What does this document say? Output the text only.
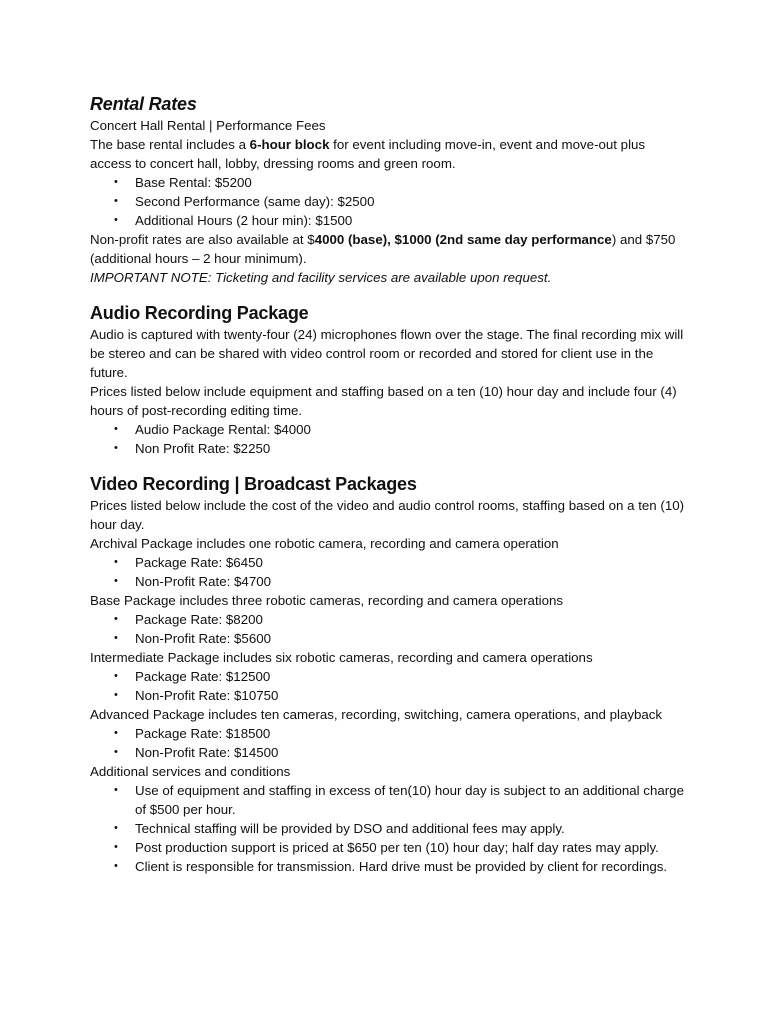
Rental Rates

Concert Hall Rental | Performance Fees

The base rental includes a 6-hour block for event including move-in, event and move-out plus access to concert hall, lobby, dressing rooms and green room.

• Base Rental: $5200
• Second Performance (same day): $2500
• Additional Hours (2 hour min): $1500

Non-profit rates are also available at $4000 (base), $1000 (2nd same day performance) and $750 (additional hours – 2 hour minimum).

IMPORTANT NOTE: Ticketing and facility services are available upon request.

Audio Recording Package

Audio is captured with twenty-four (24) microphones flown over the stage. The final recording mix will be stereo and can be shared with video control room or recorded and stored for client use in the future.

Prices listed below include equipment and staffing based on a ten (10) hour day and include four (4) hours of post-recording editing time.

• Audio Package Rental: $4000
• Non Profit Rate: $2250
Video Recording | Broadcast Packages

Prices listed below include the cost of the video and audio control rooms, staffing based on a ten (10) hour day.

Archival Package includes one robotic camera, recording and camera operation

• Package Rate: $6450
• Non-Profit Rate: $4700

Base Package includes three robotic cameras, recording and camera operations

• Package Rate: $8200
• Non-Profit Rate: $5600

Intermediate Package includes six robotic cameras, recording and camera operations

• Package Rate: $12500
• Non-Profit Rate: $10750

Advanced Package includes ten cameras, recording, switching, camera operations, and playback

• Package Rate: $18500
• Non-Profit Rate: $14500

Additional services and conditions

• Use of equipment and staffing in excess of ten(10) hour day is subject to an additional charge of $500 per hour.
• Technical staffing will be provided by DSO and additional fees may apply.
• Post production support is priced at $650 per ten (10) hour day; half day rates may apply.
• Client is responsible for transmission. Hard drive must be provided by client for recordings.
